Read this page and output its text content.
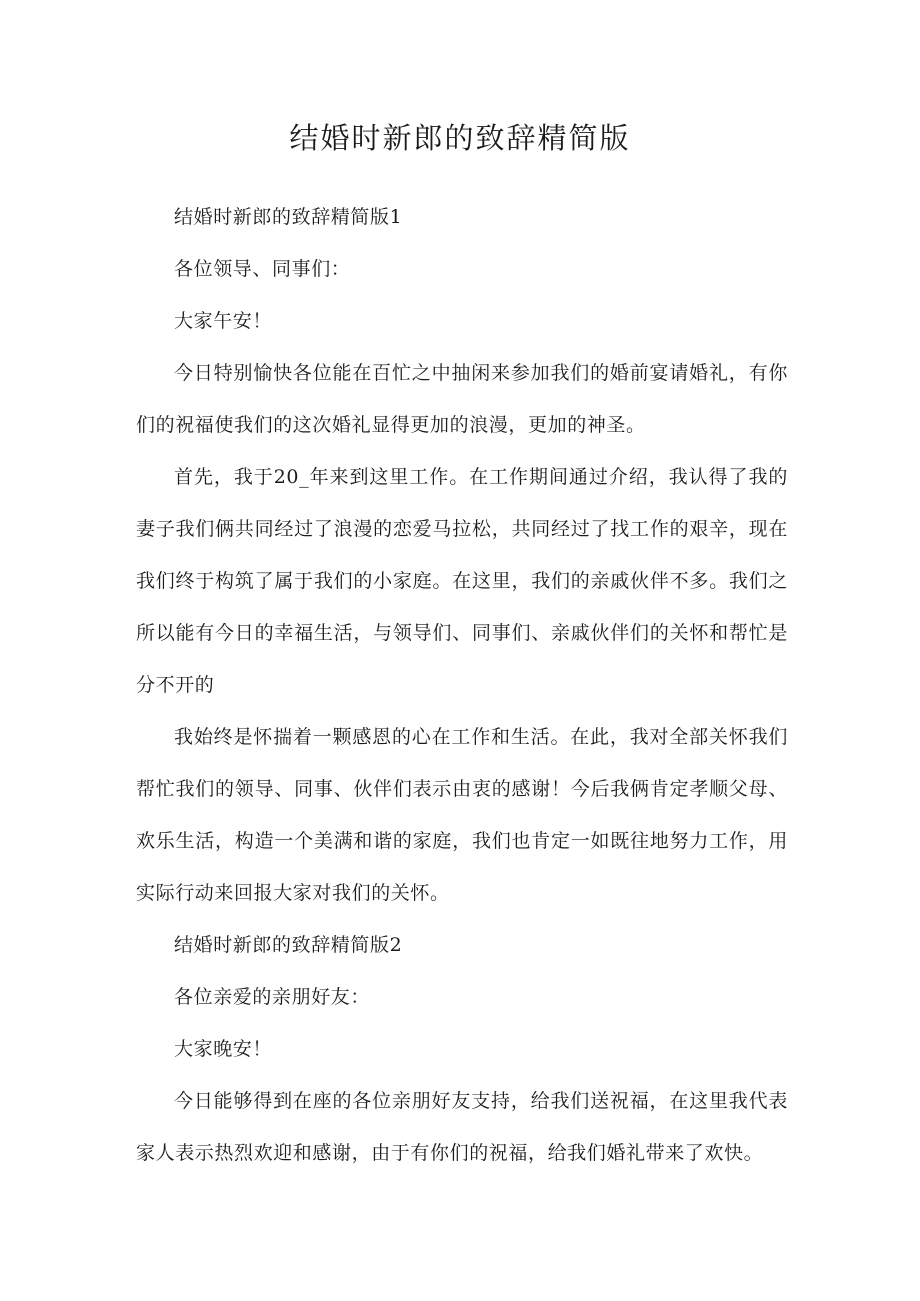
结婚时新郎的致辞精简版

结婚时新郎的致辞精简版1

各位领导、同事们：

大家午安！

今日特别愉快各位能在百忙之中抽闲来参加我们的婚前宴请婚礼，有你们的祝福使我们的这次婚礼显得更加的浪漫，更加的神圣。

首先，我于20_年来到这里工作。在工作期间通过介绍，我认得了我的妻子我们俩共同经过了浪漫的恋爱马拉松，共同经过了找工作的艰辛，现在我们终于构筑了属于我们的小家庭。在这里，我们的亲戚伙伴不多。我们之所以能有今日的幸福生活，与领导们、同事们、亲戚伙伴们的关怀和帮忙是分不开的

我始终是怀揣着一颗感恩的心在工作和生活。在此，我对全部关怀我们帮忙我们的领导、同事、伙伴们表示由衷的感谢！今后我俩肯定孝顺父母、欢乐生活，构造一个美满和谐的家庭，我们也肯定一如既往地努力工作，用实际行动来回报大家对我们的关怀。

结婚时新郎的致辞精简版2

各位亲爱的亲朋好友：

大家晚安！

今日能够得到在座的各位亲朋好友支持，给我们送祝福，在这里我代表家人表示热烈欢迎和感谢，由于有你们的祝福，给我们婚礼带来了欢快。
